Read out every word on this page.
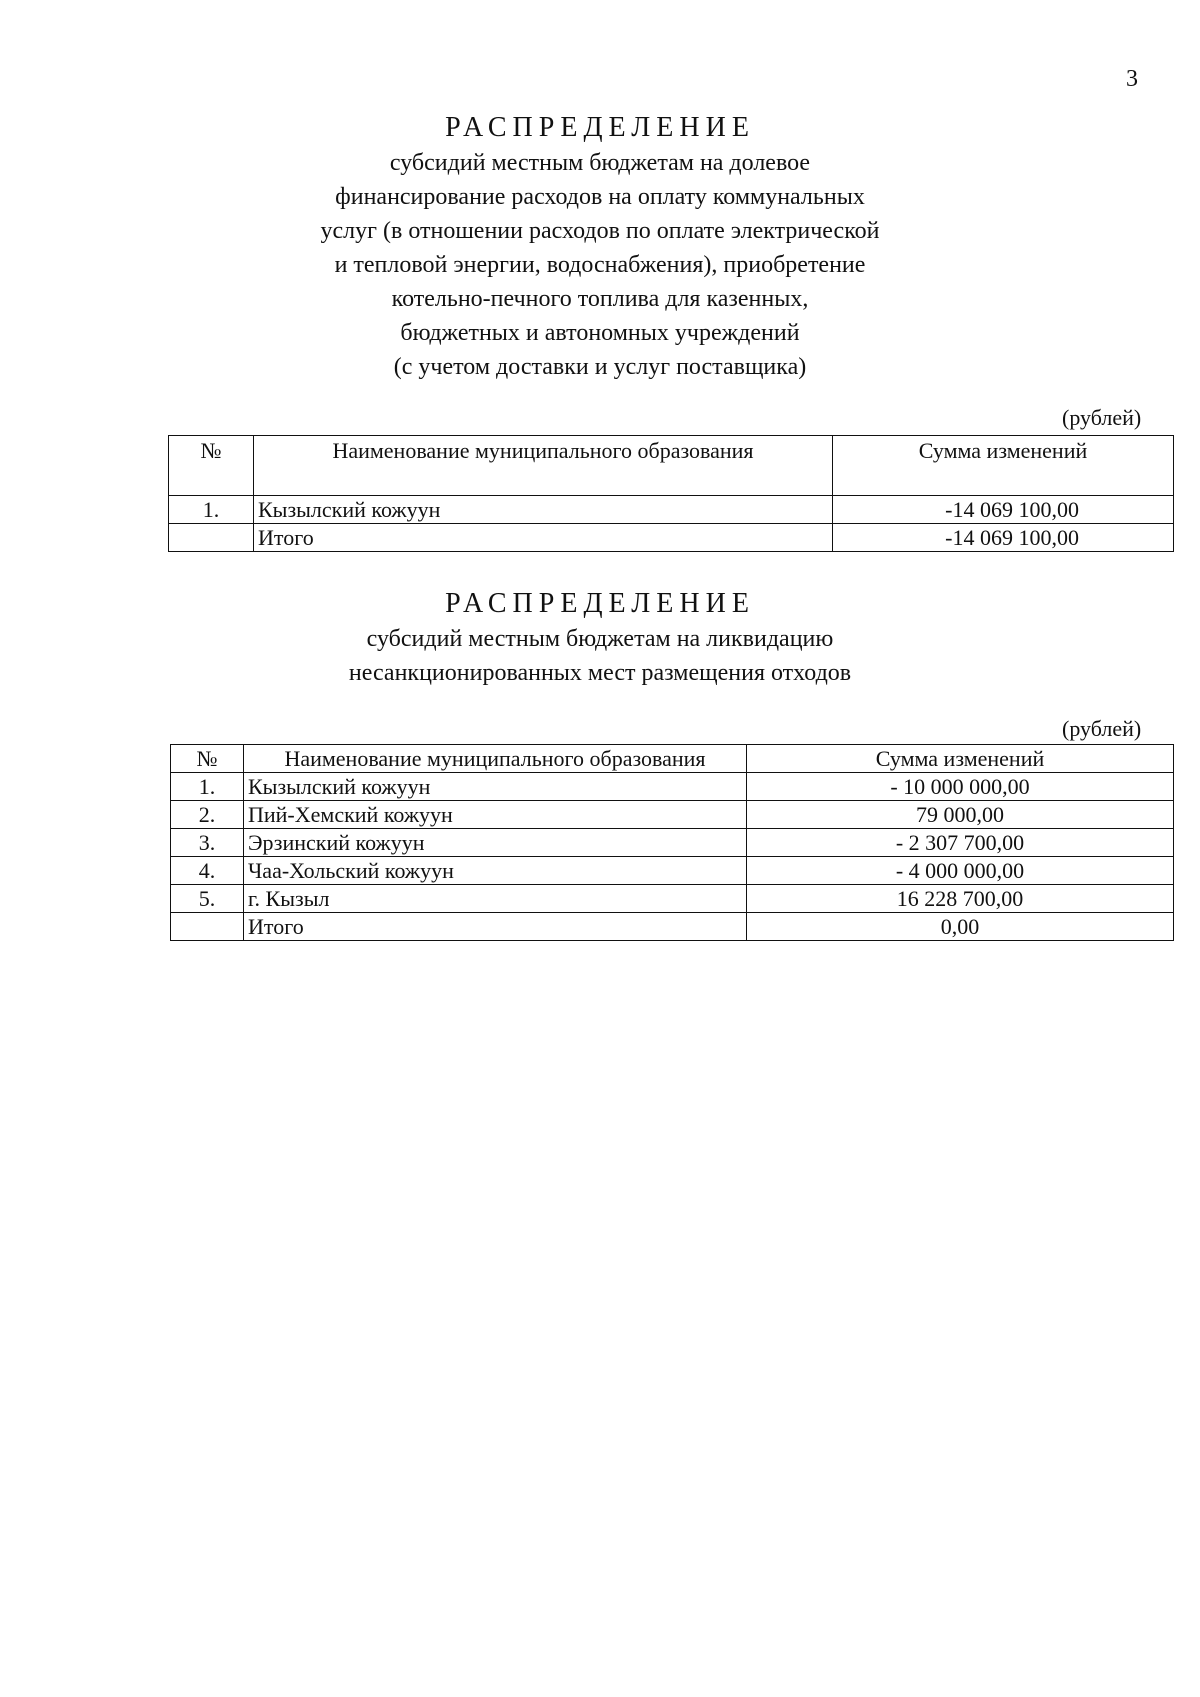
3
РАСПРЕДЕЛЕНИЕ
субсидий местным бюджетам на долевое
финансирование расходов на оплату коммунальных
услуг (в отношении расходов по оплате электрической
и тепловой энергии, водоснабжения), приобретение
котельно-печного топлива для казенных,
бюджетных и автономных учреждений
(с учетом доставки и услуг поставщика)
(рублей)
№	Наименование муниципального образования	Сумма изменений
1.	Кызылский кожуун	-14 069 100,00
	Итого	-14 069 100,00
РАСПРЕДЕЛЕНИЕ
субсидий местным бюджетам на ликвидацию
несанкционированных мест размещения отходов
(рублей)
№	Наименование муниципального образования	Сумма изменений
1.	Кызылский кожуун	- 10 000 000,00
2.	Пий-Хемский кожуун	79 000,00
3.	Эрзинский кожуун	- 2 307 700,00
4.	Чаа-Хольский кожуун	- 4 000 000,00
5.	г. Кызыл	16 228 700,00
	Итого	0,00
